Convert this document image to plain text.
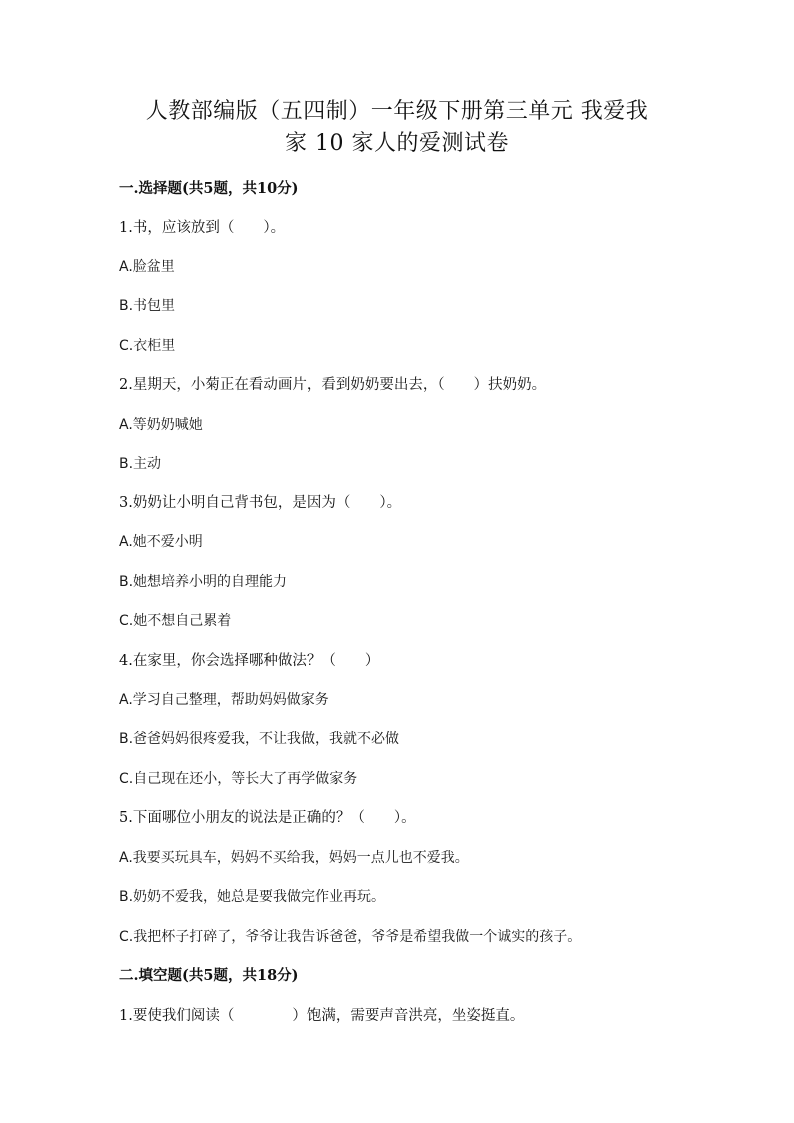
人教部编版（五四制）一年级下册第三单元 我爱我
家 10 家人的爱测试卷
一.选择题(共5题，共10分)
1.书，应该放到（　　）。
A.脸盆里
B.书包里
C.衣柜里
2.星期天，小菊正在看动画片，看到奶奶要出去，（　　）扶奶奶。
A.等奶奶喊她
B.主动
3.奶奶让小明自己背书包，是因为（　　）。
A.她不爱小明
B.她想培养小明的自理能力
C.她不想自己累着
4.在家里，你会选择哪种做法？（　　）
A.学习自己整理，帮助妈妈做家务
B.爸爸妈妈很疼爱我，不让我做，我就不必做
C.自己现在还小，等长大了再学做家务
5.下面哪位小朋友的说法是正确的？（　　）。
A.我要买玩具车，妈妈不买给我，妈妈一点儿也不爱我。
B.奶奶不爱我，她总是要我做完作业再玩。
C.我把杯子打碎了，爷爷让我告诉爸爸，爷爷是希望我做一个诚实的孩子。
二.填空题(共5题，共18分)
1.要使我们阅读（　　　　）饱满，需要声音洪亮，坐姿挺直。
